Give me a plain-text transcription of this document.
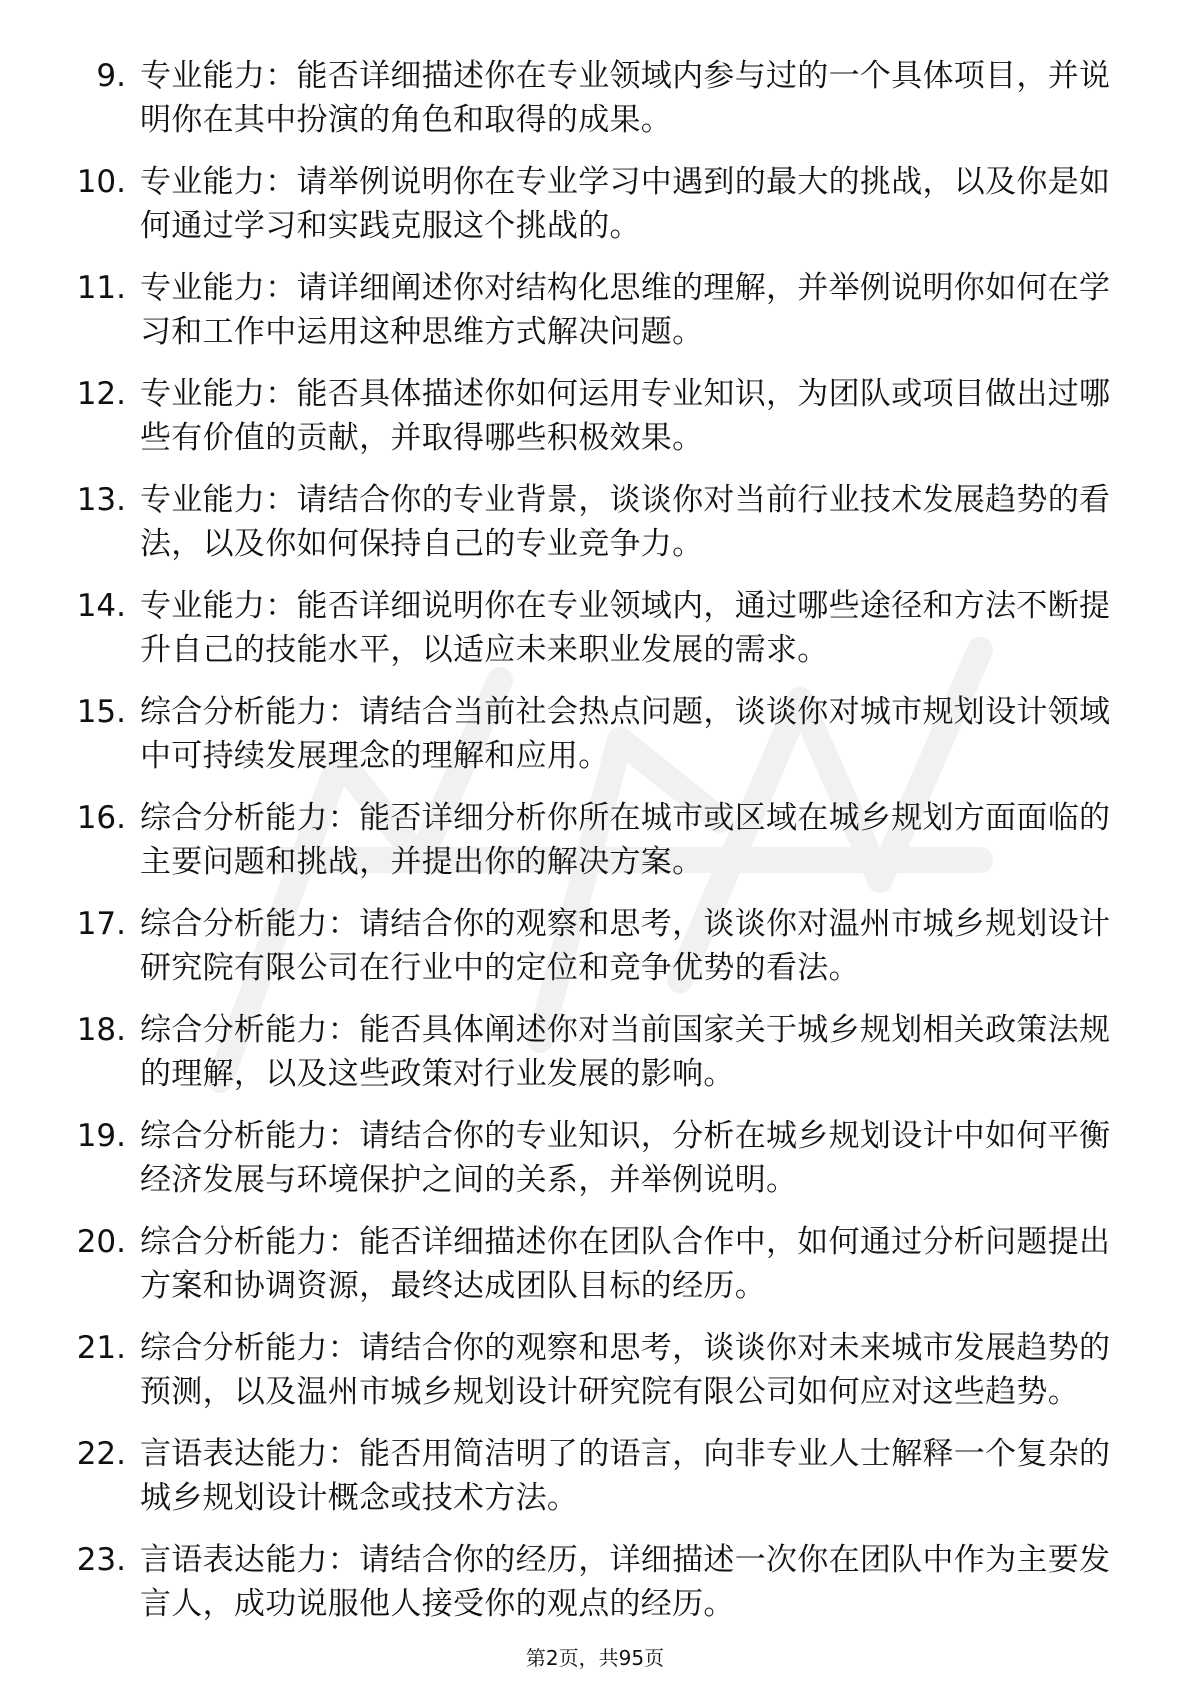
9. 专业能力：能否详细描述你在专业领域内参与过的一个具体项目，并说明你在其中扮演的角色和取得的成果。
10. 专业能力：请举例说明你在专业学习中遇到的最大的挑战，以及你是如何通过学习和实践克服这个挑战的。
11. 专业能力：请详细阐述你对结构化思维的理解，并举例说明你如何在学习和工作中运用这种思维方式解决问题。
12. 专业能力：能否具体描述你如何运用专业知识，为团队或项目做出过哪些有价值的贡献，并取得哪些积极效果。
13. 专业能力：请结合你的专业背景，谈谈你对当前行业技术发展趋势的看法，以及你如何保持自己的专业竞争力。
14. 专业能力：能否详细说明你在专业领域内，通过哪些途径和方法不断提升自己的技能水平，以适应未来职业发展的需求。
15. 综合分析能力：请结合当前社会热点问题，谈谈你对城市规划设计领域中可持续发展理念的理解和应用。
16. 综合分析能力：能否详细分析你所在城市或区域在城乡规划方面面临的主要问题和挑战，并提出你的解决方案。
17. 综合分析能力：请结合你的观察和思考，谈谈你对温州市城乡规划设计研究院有限公司在行业中的定位和竞争优势的看法。
18. 综合分析能力：能否具体阐述你对当前国家关于城乡规划相关政策法规的理解，以及这些政策对行业发展的影响。
19. 综合分析能力：请结合你的专业知识，分析在城乡规划设计中如何平衡经济发展与环境保护之间的关系，并举例说明。
20. 综合分析能力：能否详细描述你在团队合作中，如何通过分析问题提出方案和协调资源，最终达成团队目标的经历。
21. 综合分析能力：请结合你的观察和思考，谈谈你对未来城市发展趋势的预测，以及温州市城乡规划设计研究院有限公司如何应对这些趋势。
22. 言语表达能力：能否用简洁明了的语言，向非专业人士解释一个复杂的城乡规划设计概念或技术方法。
23. 言语表达能力：请结合你的经历，详细描述一次你在团队中作为主要发言人，成功说服他人接受你的观点的经历。
第2页，共95页
